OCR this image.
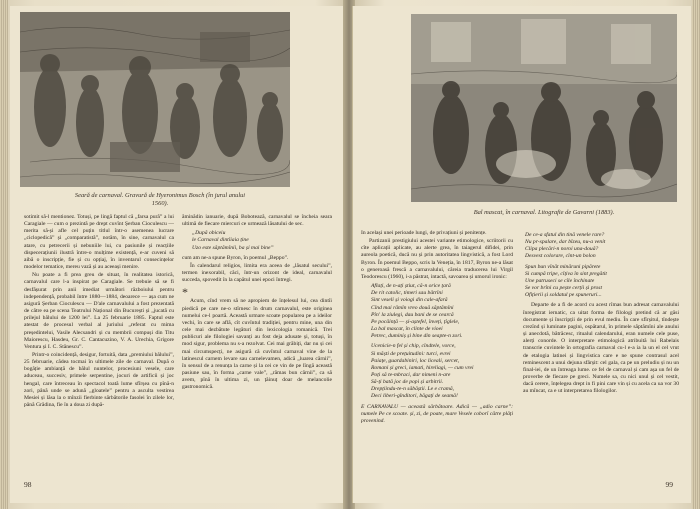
Seară de carnaval. Gravură de Hyeronimus Bosch (în jurul anului 1560).

sotimit să-l mentionez. Totuși, pe lingă faptul că „farsa pură” a lui Caragiale — cum o prezintă pe drept cuvînt Șerban Cioculescu — merita să-și afle cel puțin titlul într-o asemenea lucrare „ciclopedică” și „comparatistă”, notăm, în sine, carnavalul ca atare, cu petrecerii și nebuniile lui, cu pasiunile și reacțiile dispecerațiunii ilustră între-o mulțime existență, e-ar cuveni să aibă o inscripție, fie și cu opțiaj, în inventarul consecințelor modelor tematice, mereu vază și au aceeași menire.

Nu poate a fi prea greu de situat, în realitatea istorică, carnavalul care l-a inspirat pe Caragiale. Se trebuie să se fi desfășurat prin anii imediat următori războiului pentru independență, probabil între 1880—1884, deoarece — așa cum ne asigură Șerban Cioculescu — D'ale carnavalului a fost prezentată de către ea pe scena Teatrului Național din București și „jucată cu prilejul bălului de 1200 lei”. La 25 februarie 1885. Faptul este atestat de procesul verbal al juriului „referat cu mima președintelui, Vasile Alecsandri și cu membrii compuși din Titu Maiorescu, Hasdeu, Gr. C. Cantacuzino, V. A. Urechia, Grigore Ventura și I. C. Stănescu”.

Printr-o coincidență, desigur, fortuită, data „premiului bălului”, 25 februarie, cădea tocmai în ultimele zile de carnaval. După o bogăție ambianță de bălul nuntelor, procesiuni vesele, care aduceau, succesiv, primele serpentine, jocuri de artificii și joc hengal, care întreceau în spectacol toată lume sfîrșea cu pînă-n zori, până unde se adună „gloatele” pentru a asculta vestirea Mesiei și lăsa la o mînzii fierbinte sărbătorile fasolei în zilele lor, până Grădina, fie în a doua zi după-

ăminădin ianuarie, după Bobotează, carnavalul se încheia seara ultimă de fiecare miercuri ce urmează lăsatului de sec.

„După obiceiu
le Carnaval dintîiaia ține
Uzo este săptămînii, ba și mai bine”

cum am ne-a spune Byron, în poemul „Beppo”.

În calendarul religios, limita era aceea de „lăsatul secului”, termen inexorabil, căci, într-un orizont de ideal, carnavalul succeda, spovedit în la capătul unei epoci întregi.

*

Acum, cînd vrem să ne apropiem de înțelesul lui, cea dintîi piedică pe care ne-o stîrnesc în drum carnavalul, este originea numelui ce-l poartă. Această urmare scoate popularea pe a ideilor vechi, în care se află, cît cuvîntul tradiției, pentru mine, una din cele mai dezbătute legături din lexicologia romanică. Trei publicuri ale filologiei savanți au fost deja adusate și, totuși, în mod sigur, problema nu s-a rezolvat. Cei mai grăbiți, dar nu și cei mai circumspecți, ne asigură că cuvîntul carnaval vine de la latinescul carnem levare sau carnelevamen, adică „luarea cărnii”, în sensul de a renunța la carne și la cei ce vin de pe lîngă această pasiune sau, în forma „carne vale”, „rămas bun cărnii”, ca să avem, pînă în ultima zi, un țăinuț doar de melancolie gastronomică.

98
Bal mascat, în carnaval. Litografie de Gavarni (1883).

In același unei perioade lungi, de privațiuni și penitențe.

Partizanii prestigiului acestei variante etimologice, scriitorii cu cîte aplicații aplicate, au alerte grea, în taiagerul difidei, prin aureola poetică, ducă nu și prin autoritatea lingvistică, a fost Lord Byron. În poemul Beppo, scris la Veneția, în 1817, Byron ne-a lăsat o generoasă frescă a carnavalului, căreia traducerea lui Virgil Teodorescu (1960), i-a păstrat, intactă, savoarea și umorul ironic:

Aflați, de n-ați știut, că-n orice țară
De rit catolic, timeri sau bătrîni
Sint veseli și voiogi din cale-afară
Cînd mai rămîn vreo două săptămîni
Pîn' la ziulegi, dau bani de se cearcă
Pe pocăință — și-aștefel, înveți, țîglele,
La bal mascat, în clinte de vioei
Petrec, duminiș și bine din seapte-n zori.
Ucenicie-n fel și chip, cîndtele, vorce,
Si măști de prețuitudini: turci, evrei
Paiațe, guardabiniri, loc liceali, sercet,
Romani și greci, iamati, hireliagi, — cum vrei
Poți să te-mbraci, dar nimeni n-are
Să-ți bată joc de popi și arbitrii.
Drepțiindu-te-n săbăștii. Le e cramă,
Deci liberi-gînditori, băgați de seamă!

E CARNAVALU — această sărbătoare. Adică — „adio carne”: numele Pe ce scoate. și, zi, de poate, mare Vesele coborî către plăți provenind.

De ce-a sfatul din tină venele rare?
Nu pr-spalare, dar bîzeu, nu-a venit
Clipa plecări-n noroi una-două?
Desvest colorare, cînt-un bolon
Spun bun vînăt minăruni pipărete
Si cumpă tripe, cîțiva în sint pregătit
Une patruseci se cîle închinate
Se vor brîni cu pește cerții și prost
Ofițierii și soldatul pe spuneruri...

Departe de a fi de acord cu acest rîmas bun adresat carnavalului înregistrat iernatic, ca uitat forma de filologi pretind că ar găsi documente și înscripții de prin evul mediu. În care sfîrșitul, tîndește crezînd și luminate pagini, ospătarul, în primele săptămîni ale anului și anecdotă, bătrăcesc, ritualul calendarului, eran numele cele puse, alerți conorde. O interpretare etimologică atribuită lui Rabelais transcrie cuvintele în ortografia carnaval cu-l e-a ia la un el cel vrut de etalogia latinei și lingvistica care e ne spune contrasul acel reminescent a unui dejuna sfârșit: cel gala, ca pe un preludiu și nu un final-iei, de un întreaga lume. ce fel de carnaval și cam așa un fel de proverbe de fiecare pe greci. Numele sa, cu nici unul și cel vestit, dacă cerere, înțelegea drept in fi pini care vin și cu acela ca ua vor 30 au mîncat, ca e ut interpretarea filologilor.

99
